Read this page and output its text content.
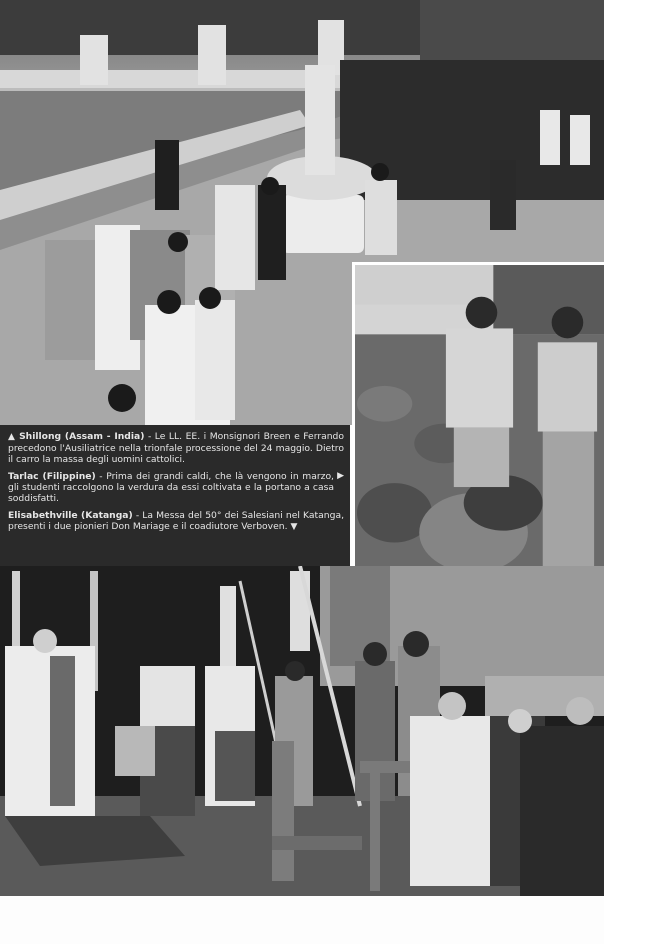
▲ Shillong (Assam - India) - Le LL. EE. i Monsignori Breen e Ferrando precedono l'Ausiliatrice nella trionfale processione del 24 maggio. Dietro il carro la massa degli uomini cattolici.

Tarlac (Filippine) - Prima dei grandi caldi, che là vengono in marzo, gli studenti raccolgono la verdura da essi coltivata e la portano a casa soddisfatti.
▶

Elisabethville (Katanga) - La Messa del 50° dei Salesiani nel Katanga, presenti i due pionieri Don Mariage e il coadiutore Verboven. ▼
